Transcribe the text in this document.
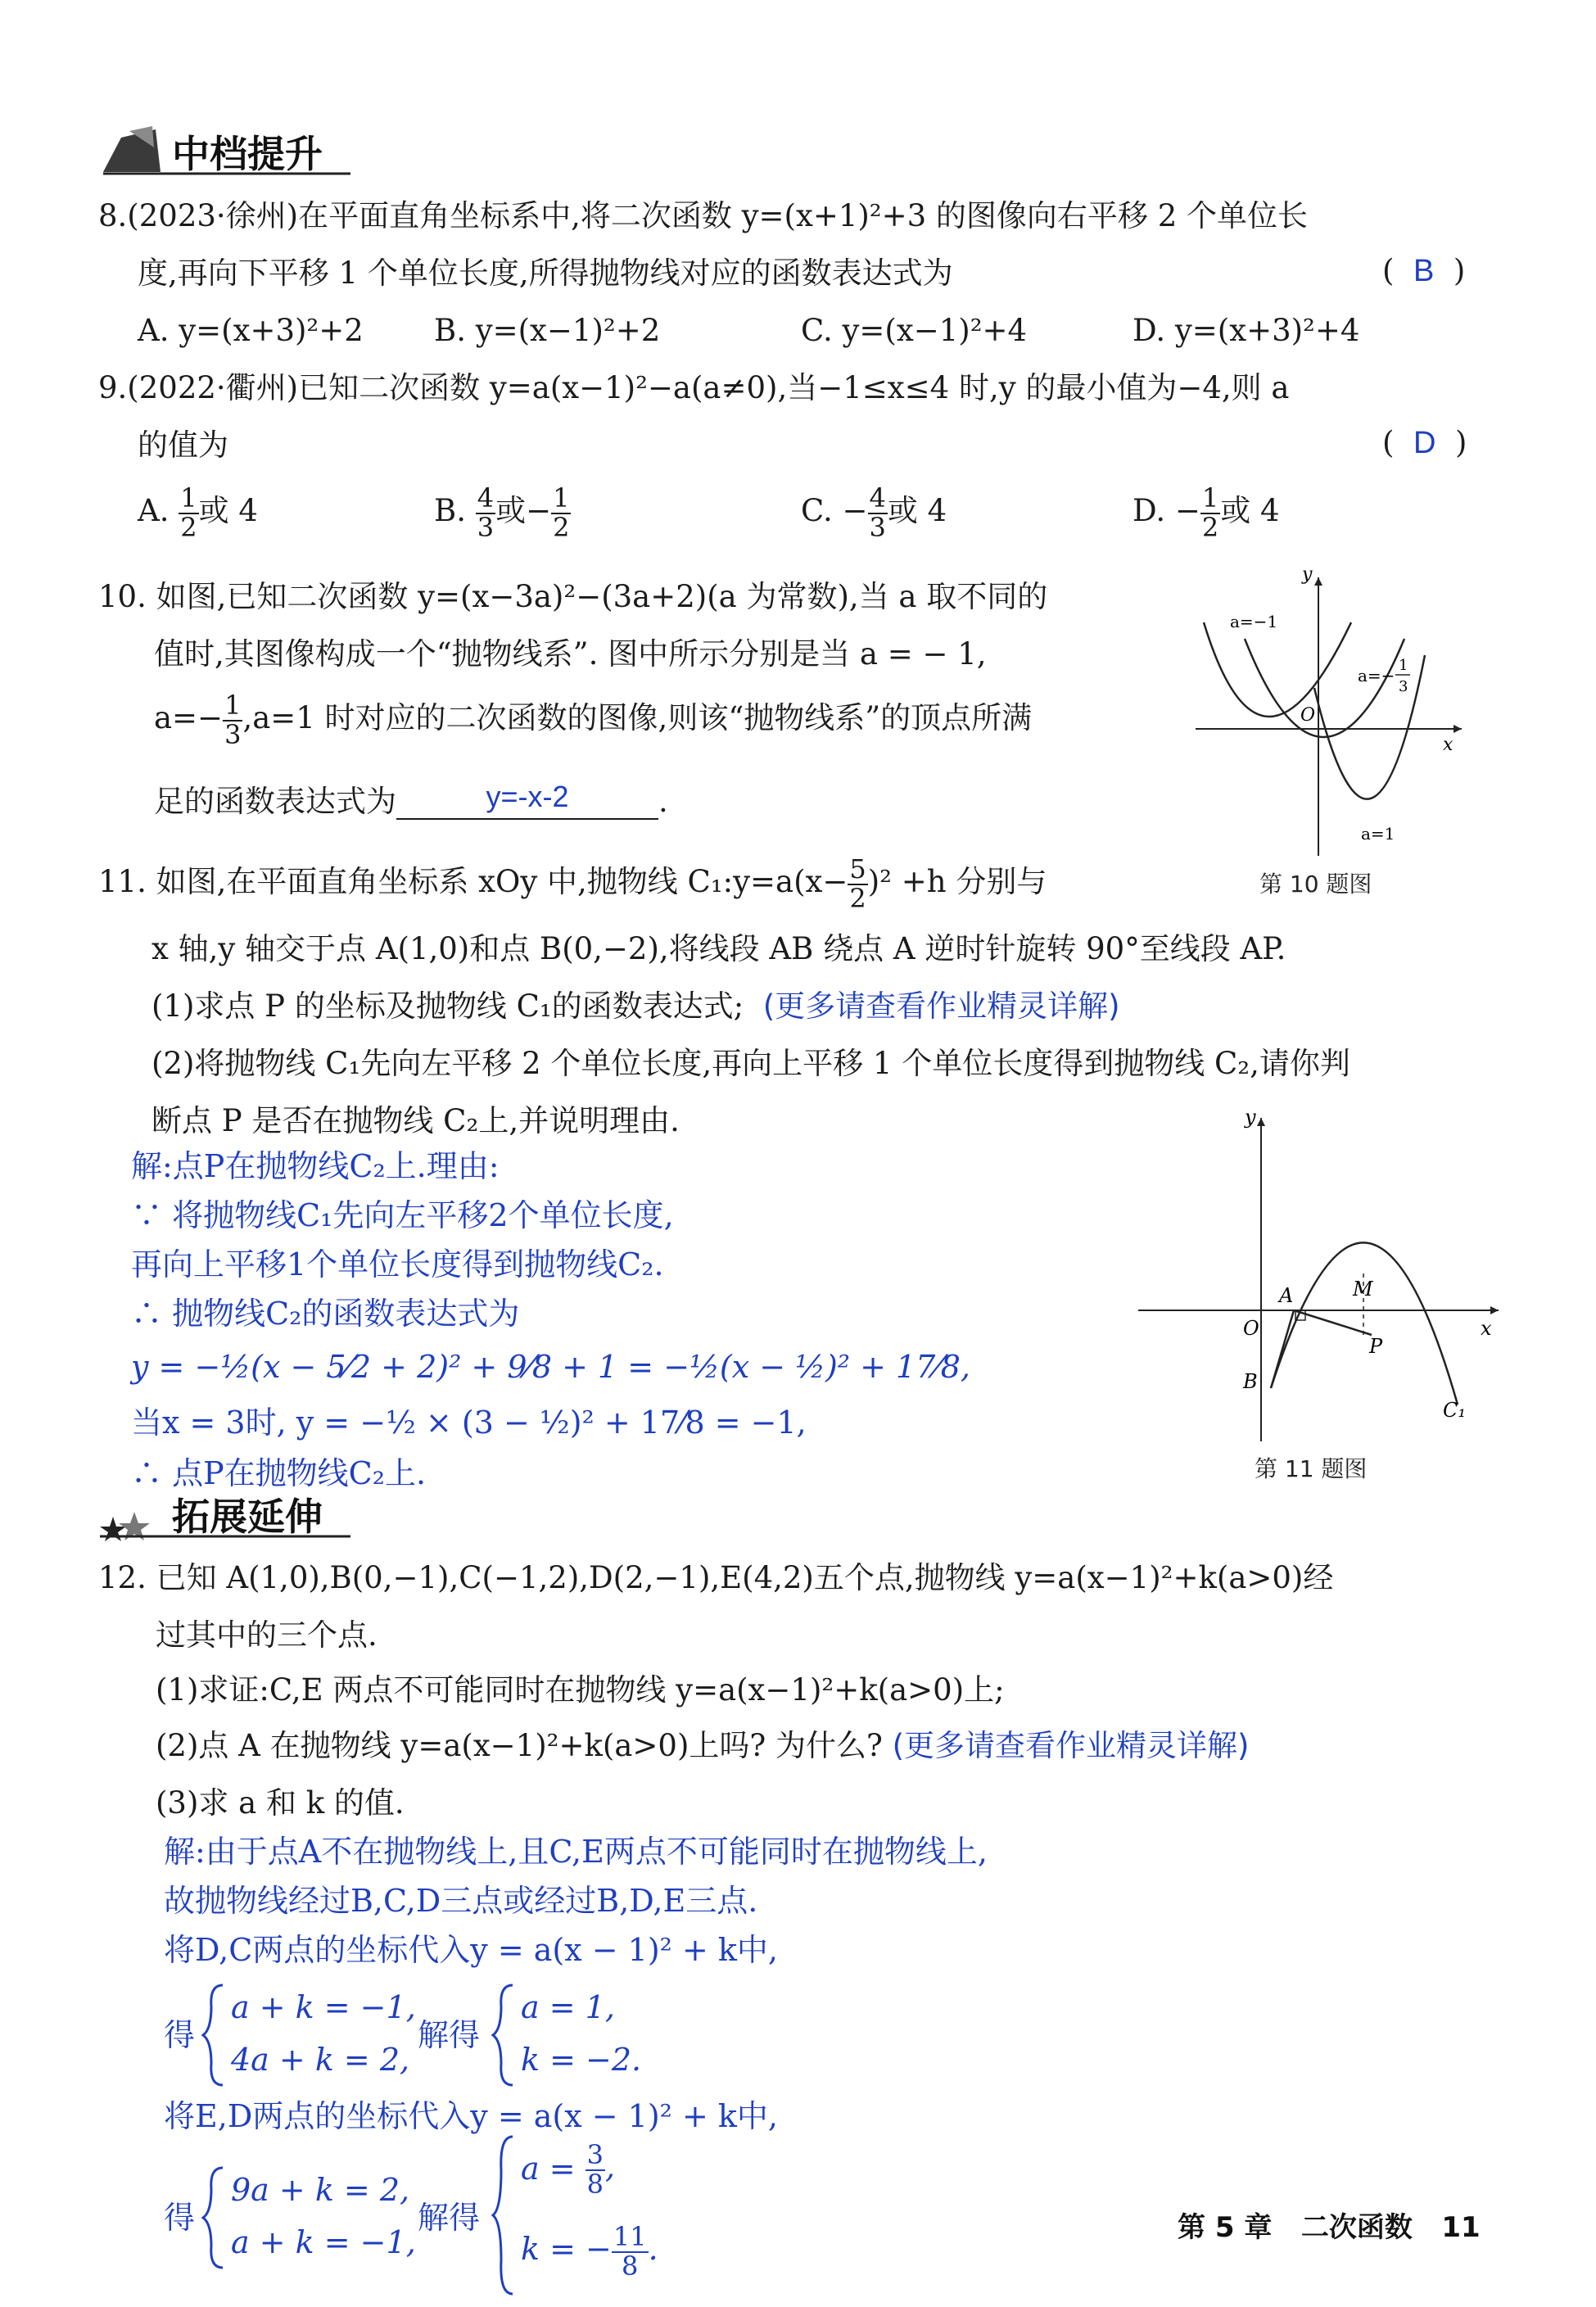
中档提升
8.(2023·徐州)在平面直角坐标系中,将二次函数 y=(x+1)²+3 的图像向右平移 2 个单位长
度,再向下平移 1 个单位长度,所得抛物线对应的函数表达式为	(  B  )
A. y=(x+3)²+2 B. y=(x−1)²+2	C. y=(x−1)²+4	D. y=(x+3)²+4
9.(2022·衢州)已知二次函数 y=a(x−1)²−a(a≠0),当−1≤x≤4 时,y 的最小值为−4,则 a
的值为	(  D  )
A. $\frac{1}{2}$ 或 4	B. $\frac{4}{3}$ 或− $\frac{1}{2}$	C. − $\frac{4}{3}$ 或 4	D. − $\frac{1}{2}$ 或 4
10. 如图,已知二次函数 y=(x−3a)²−(3a+2)(a 为常数),当 a 取不同的
值时,其图像构成一个“抛物线系”. 图中所示分别是当 a = − 1,
$a=- \frac{1}{3} ,a=1$ 时对应的二次函数的图像,则该“抛物线系”的顶点所满
足的函数表达式为	y=-x-2	.
y
x
O
a=−1
a=−
1
3
a=1
第 10 题图
11. 如图,在平面直角坐标系 xOy 中,抛物线 C₁:y=a(x− $\frac{5}{2} )^2 +h$ 分别与
x 轴,y 轴交于点 A(1,0)和点 B(0,−2),将线段 AB 绕点 A 逆时针旋转 90°至线段 AP.
(1)求点 P 的坐标及抛物线 C₁的函数表达式; (更多请查看作业精灵详解)
(2)将抛物线 C₁先向左平移 2 个单位长度,再向上平移 1 个单位长度得到抛物线 C₂,请你判
断点 P 是否在抛物线 C₂上,并说明理由.
解:点P在抛物线C₂上.理由:
∵ 将抛物线C₁先向左平移2个单位长度,
再向上平移1个单位长度得到抛物线C₂.
∴ 抛物线C₂的函数表达式为
y = −½(x − 5⁄2 + 2)² + 9⁄8 + 1 = −½(x − ½)² + 17⁄8,
当x = 3时, y = −½ × (3 − ½)² + 17⁄8 = −1,
∴ 点P在抛物线C₂上.
y
x
O
A
B
M
P
C₁
第 11 题图
拓展延伸
12. 已知 A(1,0),B(0,−1),C(−1,2),D(2,−1),E(4,2)五个点,抛物线 y=a(x−1)²+k(a>0)经
过其中的三个点.
(1)求证:C,E 两点不可能同时在抛物线 y=a(x−1)²+k(a>0)上;
(2)点 A 在抛物线 y=a(x−1)²+k(a>0)上吗? 为什么? (更多请查看作业精灵详解)
(3)求 a 和 k 的值.
解:由于点A不在抛物线上,且C,E两点不可能同时在抛物线上,
故抛物线经过B,C,D三点或经过B,D,E三点.
将D,C两点的坐标代入y = a(x − 1)² + k中,
得
a + k = −1,
4a + k = 2,
解得
a = 1,
k = −2.
将E,D两点的坐标代入y = a(x − 1)² + k中,
得
9a + k = 2,
a + k = −1,
解得
$a = \frac{3}{8}$ ,
k = − $\frac{11}{8}$ .
第 5 章 二次函数 11
